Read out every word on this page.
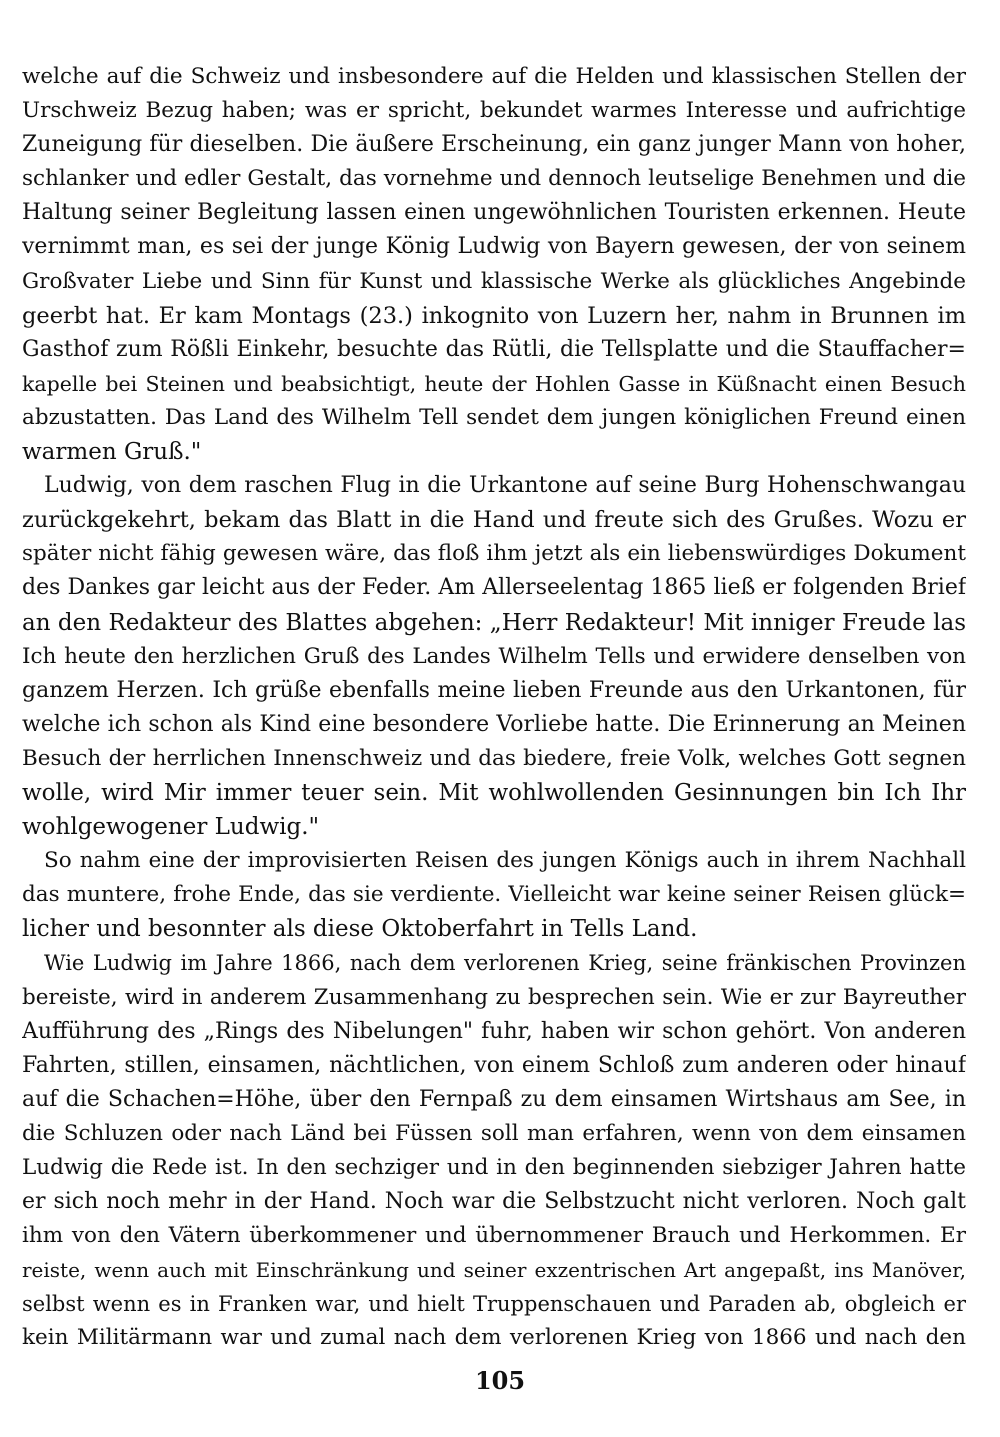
welche auf die Schweiz und insbesondere auf die Helden und klassischen Stellen der
Urschweiz Bezug haben; was er spricht, bekundet warmes Interesse und aufrichtige
Zuneigung für dieselben. Die äußere Erscheinung, ein ganz junger Mann von hoher,
schlanker und edler Gestalt, das vornehme und dennoch leutselige Benehmen und die
Haltung seiner Begleitung lassen einen ungewöhnlichen Touristen erkennen. Heute
vernimmt man, es sei der junge König Ludwig von Bayern gewesen, der von seinem
Großvater Liebe und Sinn für Kunst und klassische Werke als glückliches Angebinde
geerbt hat. Er kam Montags (23.) inkognito von Luzern her, nahm in Brunnen im
Gasthof zum Rößli Einkehr, besuchte das Rütli, die Tellsplatte und die Stauffacher=
kapelle bei Steinen und beabsichtigt, heute der Hohlen Gasse in Küßnacht einen Besuch
abzustatten. Das Land des Wilhelm Tell sendet dem jungen königlichen Freund einen
warmen Gruß."
Ludwig, von dem raschen Flug in die Urkantone auf seine Burg Hohenschwangau
zurückgekehrt, bekam das Blatt in die Hand und freute sich des Grußes. Wozu er
später nicht fähig gewesen wäre, das floß ihm jetzt als ein liebenswürdiges Dokument
des Dankes gar leicht aus der Feder. Am Allerseelentag 1865 ließ er folgenden Brief
an den Redakteur des Blattes abgehen: „Herr Redakteur! Mit inniger Freude las
Ich heute den herzlichen Gruß des Landes Wilhelm Tells und erwidere denselben von
ganzem Herzen. Ich grüße ebenfalls meine lieben Freunde aus den Urkantonen, für
welche ich schon als Kind eine besondere Vorliebe hatte. Die Erinnerung an Meinen
Besuch der herrlichen Innenschweiz und das biedere, freie Volk, welches Gott segnen
wolle, wird Mir immer teuer sein. Mit wohlwollenden Gesinnungen bin Ich Ihr
wohlgewogener Ludwig."
So nahm eine der improvisierten Reisen des jungen Königs auch in ihrem Nachhall
das muntere, frohe Ende, das sie verdiente. Vielleicht war keine seiner Reisen glück=
licher und besonnter als diese Oktoberfahrt in Tells Land.
Wie Ludwig im Jahre 1866, nach dem verlorenen Krieg, seine fränkischen Provinzen
bereiste, wird in anderem Zusammenhang zu besprechen sein. Wie er zur Bayreuther
Aufführung des „Rings des Nibelungen" fuhr, haben wir schon gehört. Von anderen
Fahrten, stillen, einsamen, nächtlichen, von einem Schloß zum anderen oder hinauf
auf die Schachen=Höhe, über den Fernpaß zu dem einsamen Wirtshaus am See, in
die Schluzen oder nach Länd bei Füssen soll man erfahren, wenn von dem einsamen
Ludwig die Rede ist. In den sechziger und in den beginnenden siebziger Jahren hatte
er sich noch mehr in der Hand. Noch war die Selbstzucht nicht verloren. Noch galt
ihm von den Vätern überkommener und übernommener Brauch und Herkommen. Er
reiste, wenn auch mit Einschränkung und seiner exzentrischen Art angepaßt, ins Manöver,
selbst wenn es in Franken war, und hielt Truppenschauen und Paraden ab, obgleich er
kein Militärmann war und zumal nach dem verlorenen Krieg von 1866 und nach den
105
